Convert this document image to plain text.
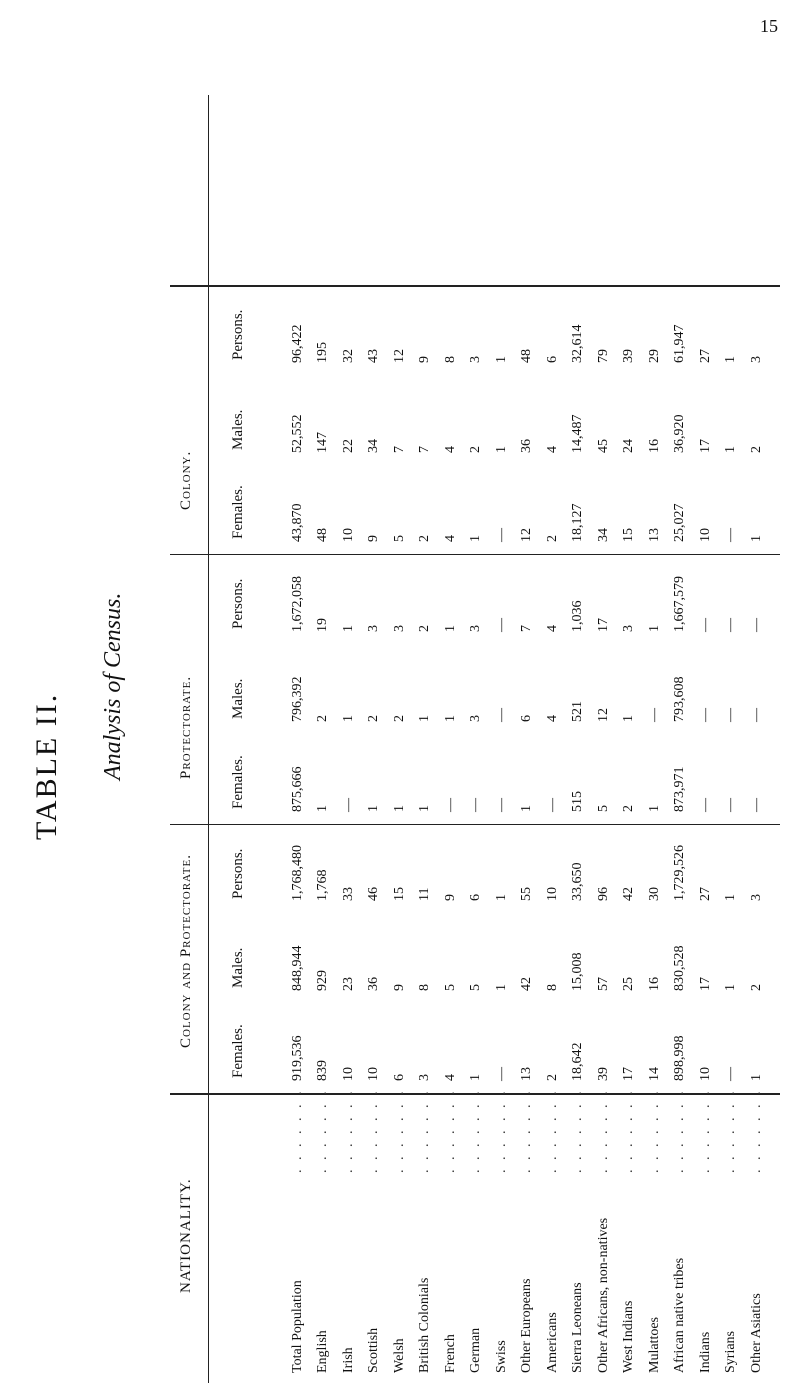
15
TABLE II. Analysis of Census.
Colony.
Persons.
Males.
Females.
Protectorate.
Persons.
Males.
Females.
Colony and Protectorate. Persons.
Males.
Females.
NATIONALITY.
Total Population
. . . . . . .
96,422
52,552
43,870
1,672,058
796,392
875,666
1,768,480
848,944
919,536
English
. . . . . . .
195
147
48
19
2
1
1,768
929
839
Irish
. . . . . . .
32
22
10
1
1
—
33
23
10
Scottish
. . . . . . .
43
34
9
3
2
1
46
36
10
Welsh
. . . . . . .
12
7
5
3
2
1
15
9
6
British Colonials
. . . . . . .
9
7
2
2
1
1
11
8
3
French
. . . . . . .
8
4
4
1
1
—
9
5
4
German
. . . . . . .
3
2
1
3
3
—
6
5
1
Swiss
. . . . . . .
1
1
—
—
—
—
1
1
—
Other Europeans
. . . . . . .
48
36
12
7
6
1
55
42
13
Americans
. . . . . . .
6
4
2
4
4
—
10
8
2
Sierra Leoneans
. . . . . . .
32,614
14,487
18,127
1,036
521
515
33,650
15,008
18,642
Other Africans, non-natives
. . . . . . .
79
45
34
17
12
5
96
57
39
West Indians
. . . . . . .
39
24
15
3
1
2
42
25
17
Mulattoes
. . . . . . .
29
16
13
1
—
1
30
16
14
African native tribes
. . . . . . .
61,947
36,920
25,027
1,667,579
793,608
873,971
1,729,526
830,528
898,998
Indians
. . . . . . .
27
17
10
—
—
—
27
17
10
Syrians
. . . . . . .
1
1
—
—
—
—
1
1
—
Other Asiatics
. . . . . . .
3
2
1
—
—
—
3
2
1
